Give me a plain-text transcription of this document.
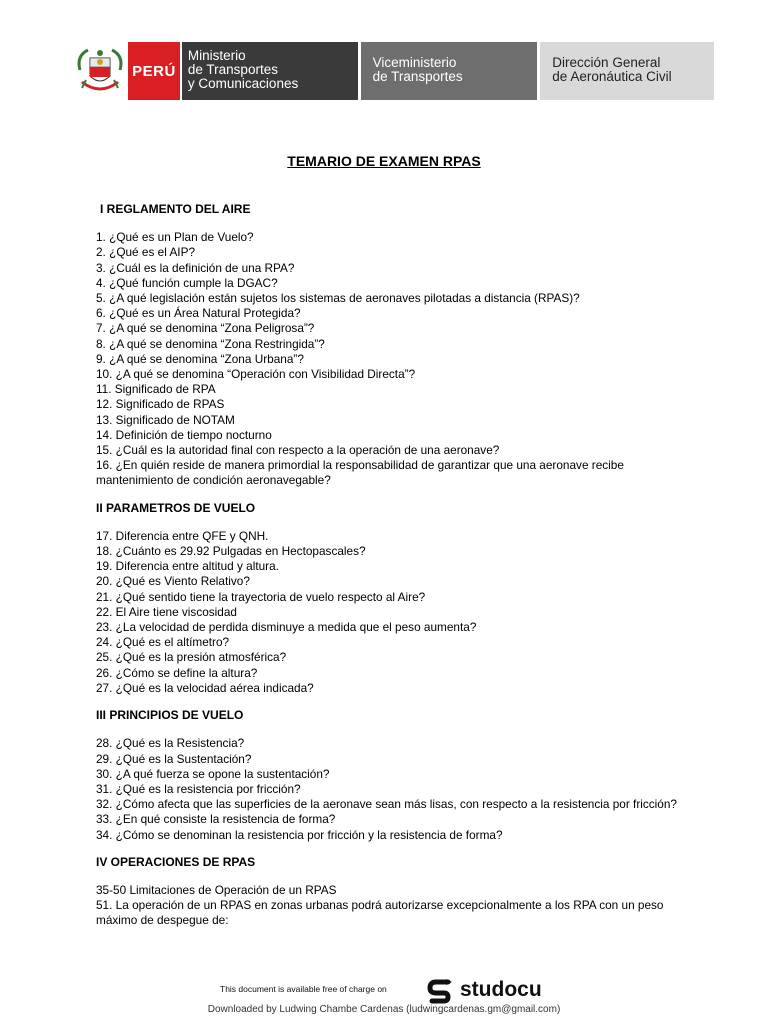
PERÚ
Ministerio
de Transportes
y Comunicaciones
Viceministerio
de Transportes
Dirección General
de Aeronáutica Civil
TEMARIO DE EXAMEN RPAS

I REGLAMENTO DEL AIRE

1. ¿Qué es un Plan de Vuelo?

2. ¿Qué es el AIP?

3. ¿Cuál es la definición de una RPA?

4. ¿Qué función cumple la DGAC?

5. ¿A qué legislación están sujetos los sistemas de aeronaves pilotadas a distancia (RPAS)?

6. ¿Qué es un Área Natural Protegida?

7. ¿A qué se denomina “Zona Peligrosa”?

8. ¿A qué se denomina “Zona Restringida”?

9. ¿A qué se denomina “Zona Urbana”?

10. ¿A qué se denomina “Operación con Visibilidad Directa”?

11. Significado de RPA

12. Significado de RPAS

13. Significado de NOTAM

14. Definición de tiempo nocturno

15. ¿Cuál es la autoridad final con respecto a la operación de una aeronave?

16. ¿En quién reside de manera primordial la responsabilidad de garantizar que una aeronave recibe mantenimiento de condición aeronavegable?

II PARAMETROS DE VUELO

17. Diferencia entre QFE y QNH.

18. ¿Cuánto es 29.92 Pulgadas en Hectopascales?

19. Diferencia entre altitud y altura.

20. ¿Qué es Viento Relativo?

21. ¿Qué sentido tiene la trayectoria de vuelo respecto al Aire?

22. El Aire tiene viscosidad

23. ¿La velocidad de perdida disminuye a medida que el peso aumenta?

24. ¿Qué es el altímetro?

25. ¿Qué es la presión atmosférica?

26. ¿Cómo se define la altura?

27. ¿Qué es la velocidad aérea indicada?

III PRINCIPIOS DE VUELO

28. ¿Qué es la Resistencia?

29. ¿Qué es la Sustentación?

30. ¿A qué fuerza se opone la sustentación?

31. ¿Qué es la resistencia por fricción?

32. ¿Cómo afecta que las superficies de la aeronave sean más lisas, con respecto a la resistencia por fricción?

33. ¿En qué consiste la resistencia de forma?

34. ¿Cómo se denominan la resistencia por fricción y la resistencia de forma?

IV OPERACIONES DE RPAS

35-50 Limitaciones de Operación de un RPAS

51. La operación de un RPAS en zonas urbanas podrá autorizarse excepcionalmente a los RPA con un peso máximo de despegue de:

This document is available free of charge on	studocu
Downloaded by Ludwing Chambe Cardenas (ludwingcardenas.gm@gmail.com)
